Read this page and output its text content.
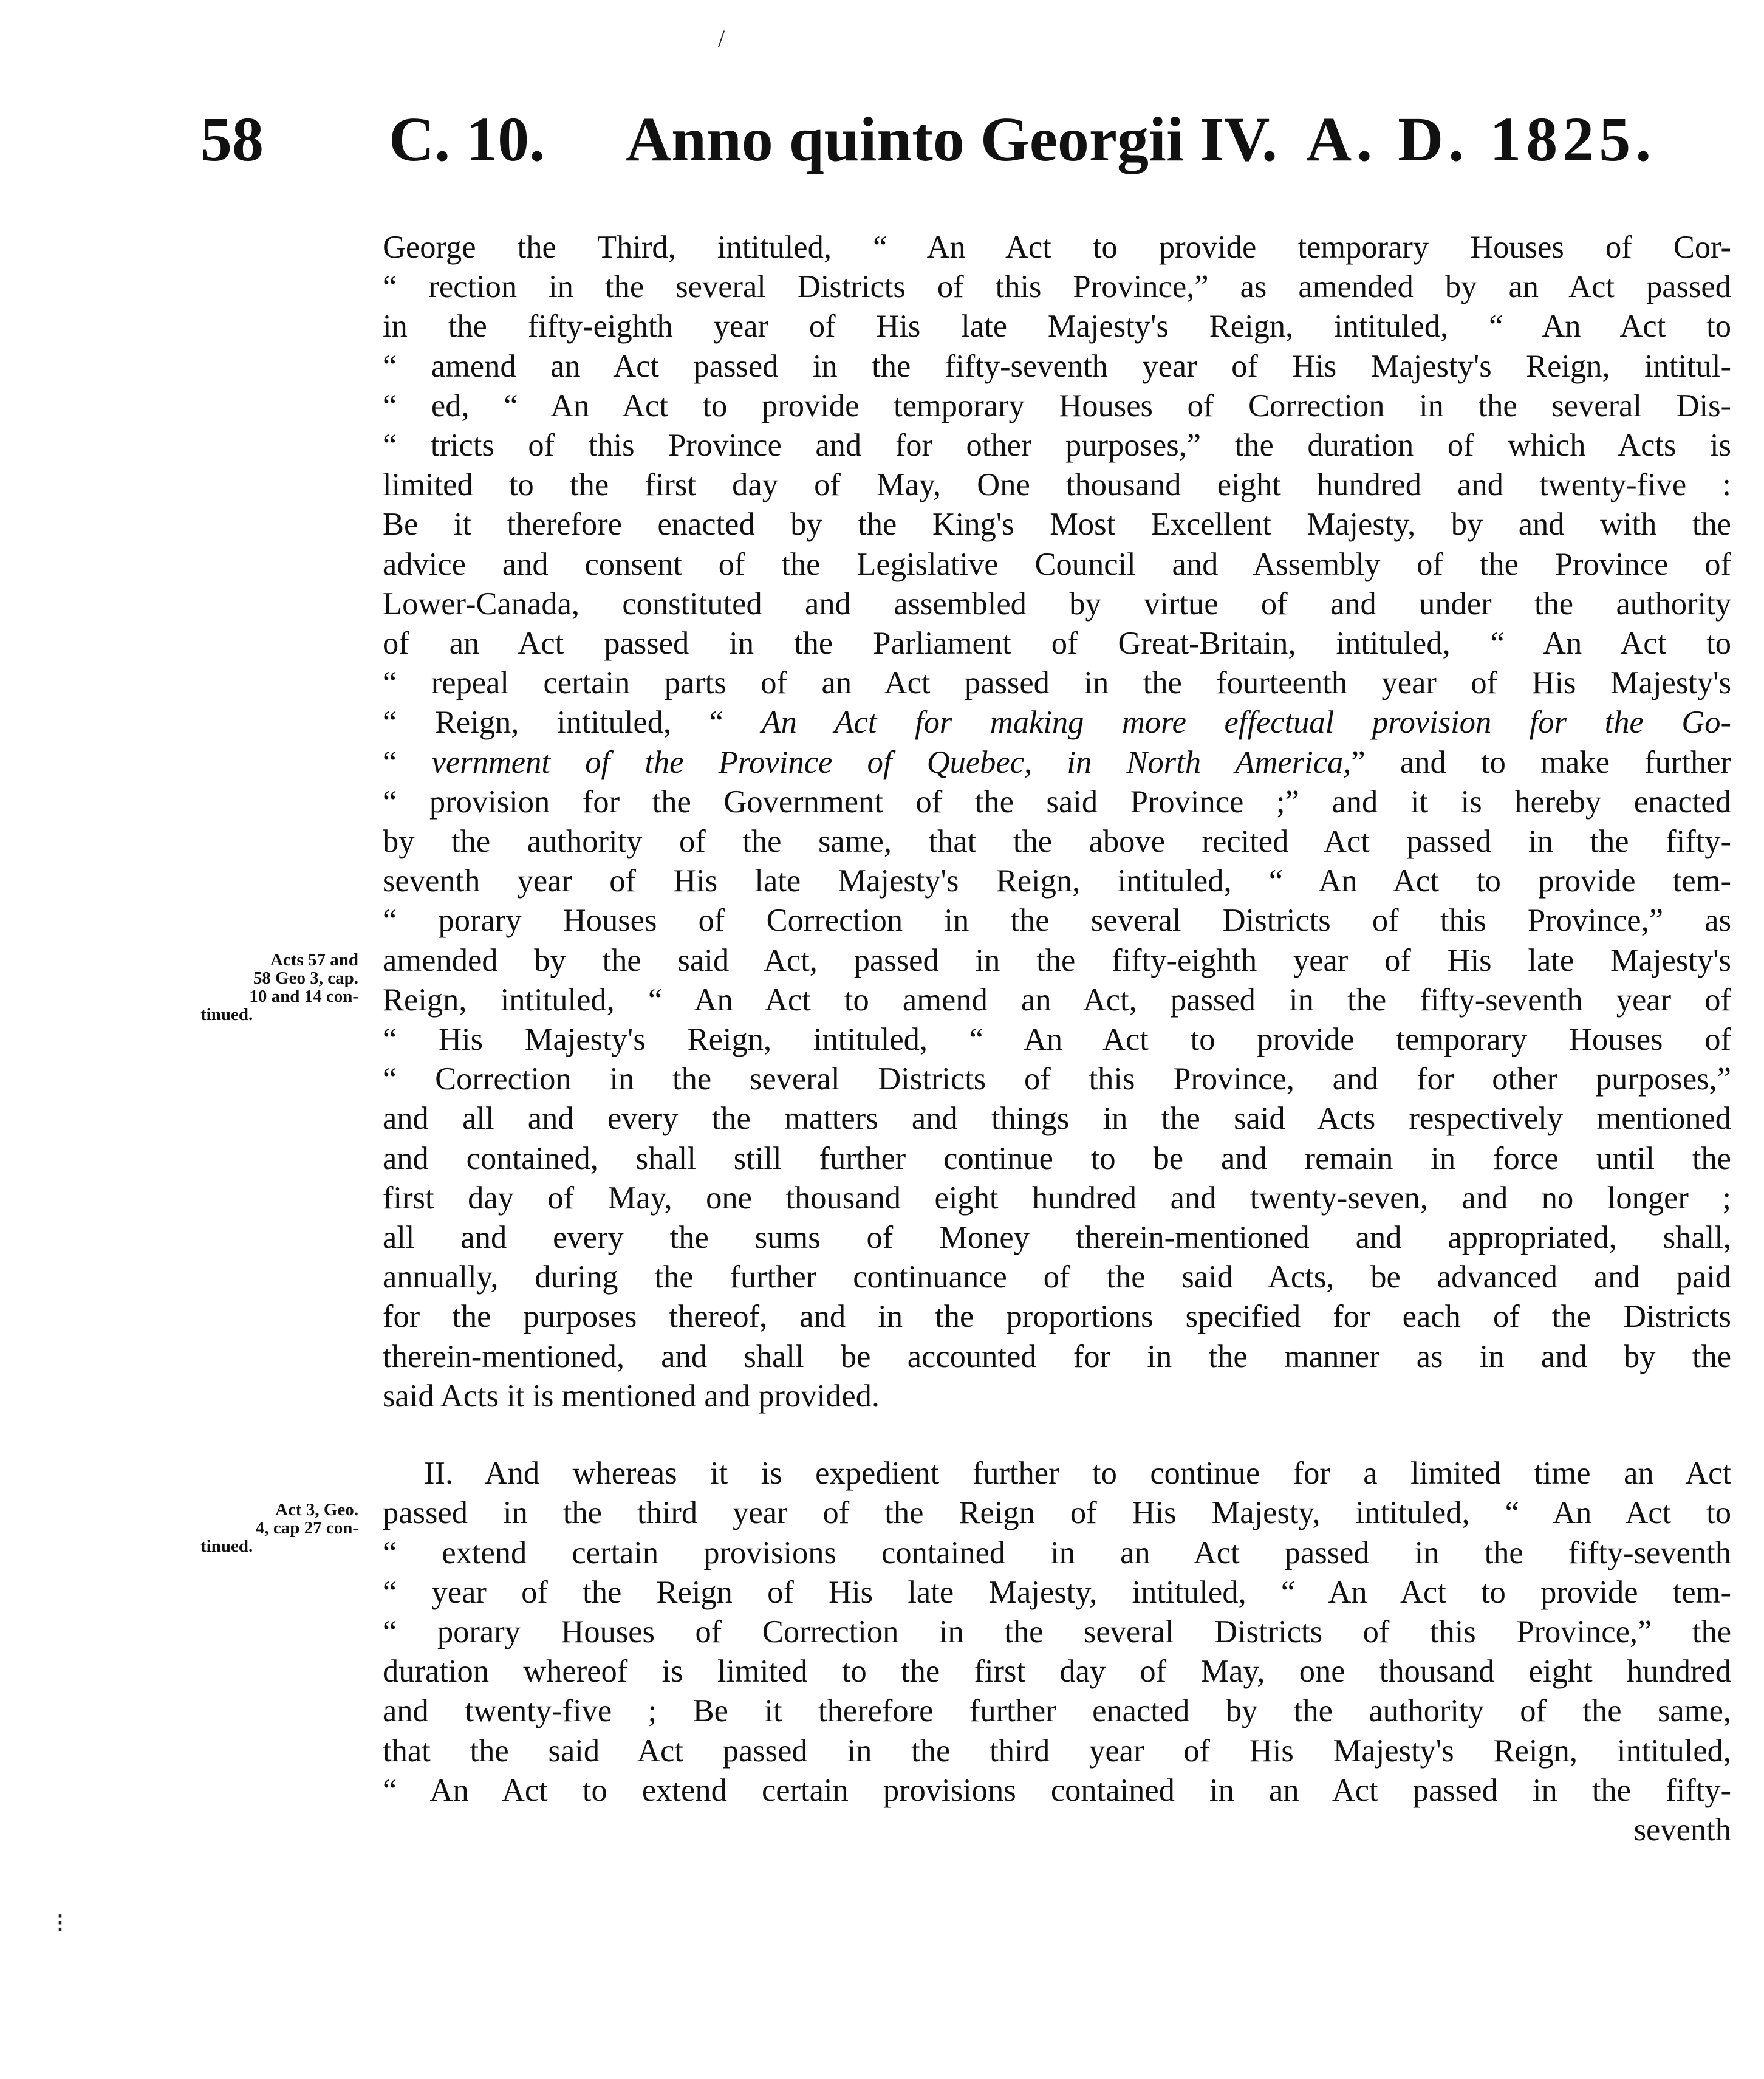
/
⁝
58 C. 10. Anno quinto Georgii IV. A. D. 1825.
Acts 57 and
58 Geo 3, cap.
10 and 14 con-
tinued.
Act 3, Geo.
4, cap 27 con-
tinued.
George the Third, intituled, “ An Act to provide temporary Houses of Cor-
“ rection in the several Districts of this Province,” as amended by an Act passed
in the fifty-eighth year of His late Majesty's Reign, intituled, “ An Act to
“ amend an Act passed in the fifty-seventh year of His Majesty's Reign, intitul-
“ ed, “ An Act to provide temporary Houses of Correction in the several Dis-
“ tricts of this Province and for other purposes,” the duration of which Acts is
limited to the first day of May, One thousand eight hundred and twenty-five :
Be it therefore enacted by the King's Most Excellent Majesty, by and with the
advice and consent of the Legislative Council and Assembly of the Province of
Lower-Canada, constituted and assembled by virtue of and under the authority
of an Act passed in the Parliament of Great-Britain, intituled, “ An Act to
“ repeal certain parts of an Act passed in the fourteenth year of His Majesty's
“ Reign, intituled, “ An Act for making more effectual provision for the Go-
“ vernment of the Province of Quebec, in North America,” and to make further
“ provision for the Government of the said Province ;” and it is hereby enacted
by the authority of the same, that the above recited Act passed in the fifty-
seventh year of His late Majesty's Reign, intituled, “ An Act to provide tem-
“ porary Houses of Correction in the several Districts of this Province,” as
amended by the said Act, passed in the fifty-eighth year of His late Majesty's
Reign, intituled, “ An Act to amend an Act, passed in the fifty-seventh year of
“ His Majesty's Reign, intituled, “ An Act to provide temporary Houses of
“ Correction in the several Districts of this Province, and for other purposes,”
and all and every the matters and things in the said Acts respectively mentioned
and contained, shall still further continue to be and remain in force until the
first day of May, one thousand eight hundred and twenty-seven, and no longer ;
all and every the sums of Money therein-mentioned and appropriated, shall,
annually, during the further continuance of the said Acts, be advanced and paid
for the purposes thereof, and in the proportions specified for each of the Districts
therein-mentioned, and shall be accounted for in the manner as in and by the
said Acts it is mentioned and provided.
II. And whereas it is expedient further to continue for a limited time an Act
passed in the third year of the Reign of His Majesty, intituled, “ An Act to
“ extend certain provisions contained in an Act passed in the fifty-seventh
“ year of the Reign of His late Majesty, intituled, “ An Act to provide tem-
“ porary Houses of Correction in the several Districts of this Province,” the
duration whereof is limited to the first day of May, one thousand eight hundred
and twenty-five ; Be it therefore further enacted by the authority of the same,
that the said Act passed in the third year of His Majesty's Reign, intituled,
“ An Act to extend certain provisions contained in an Act passed in the fifty-
seventh
